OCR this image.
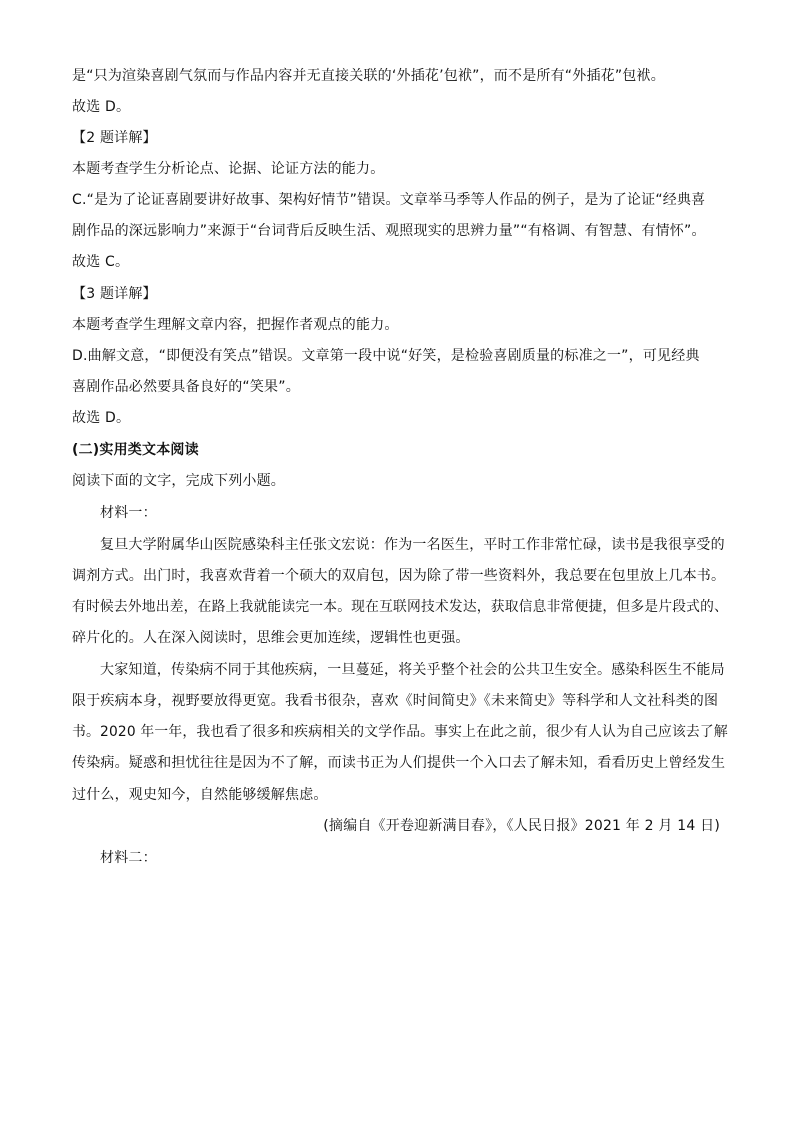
是“只为渲染喜剧气氛而与作品内容并无直接关联的‘外插花’包袱”，而不是所有“外插花”包袱。
故选 D。
【2 题详解】
本题考查学生分析论点、论据、论证方法的能力。
C.“是为了论证喜剧要讲好故事、架构好情节”错误。文章举马季等人作品的例子，是为了论证“经典喜
剧作品的深远影响力”来源于“台词背后反映生活、观照现实的思辨力量”“有格调、有智慧、有情怀”。
故选 C。
【3 题详解】
本题考查学生理解文章内容，把握作者观点的能力。
D.曲解文意，“即便没有笑点”错误。文章第一段中说“好笑，是检验喜剧质量的标准之一”，可见经典
喜剧作品必然要具备良好的“笑果”。
故选 D。
(二)实用类文本阅读
阅读下面的文字，完成下列小题。
材料一：
复旦大学附属华山医院感染科主任张文宏说：作为一名医生，平时工作非常忙碌，读书是我很享受的
调剂方式。出门时，我喜欢背着一个硕大的双肩包，因为除了带一些资料外，我总要在包里放上几本书。
有时候去外地出差，在路上我就能读完一本。现在互联网技术发达，获取信息非常便捷，但多是片段式的、
碎片化的。人在深入阅读时，思维会更加连续，逻辑性也更强。
大家知道，传染病不同于其他疾病，一旦蔓延，将关乎整个社会的公共卫生安全。感染科医生不能局
限于疾病本身，视野要放得更宽。我看书很杂，喜欢《时间简史》《未来简史》等科学和人文社科类的图
书。2020 年一年，我也看了很多和疾病相关的文学作品。事实上在此之前，很少有人认为自己应该去了解
传染病。疑惑和担忧往往是因为不了解，而读书正为人们提供一个入口去了解未知，看看历史上曾经发生
过什么，观史知今，自然能够缓解焦虑。
(摘编自《开卷迎新满目春》，《人民日报》2021 年 2 月 14 日)
材料二：
